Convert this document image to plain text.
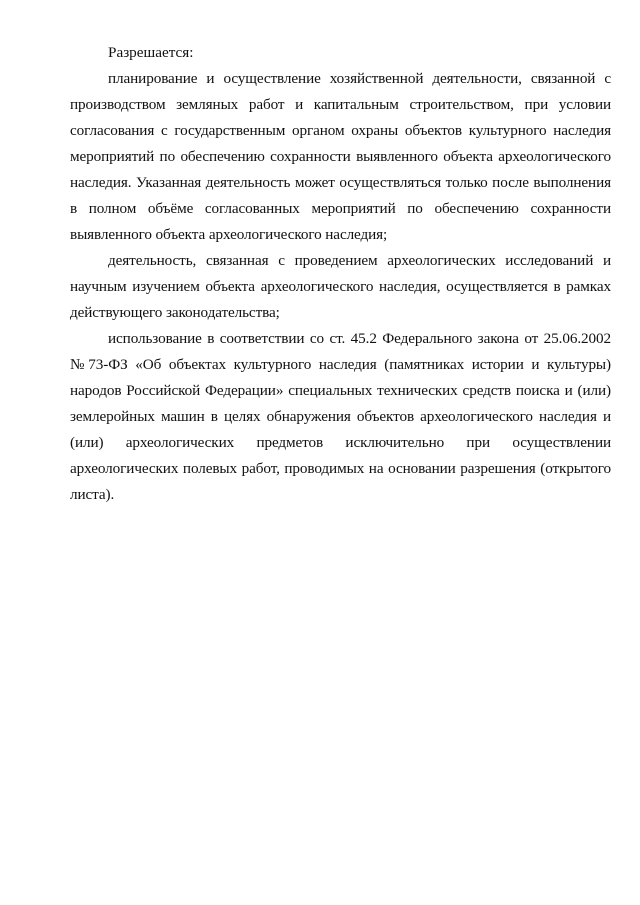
Разрешается:

планирование и осуществление хозяйственной деятельности, связанной с производством земляных работ и капитальным строительством, при условии согласования с государственным органом охраны объектов культурного наследия мероприятий по обеспечению сохранности выявленного объекта археологического наследия. Указанная деятельность может осуществляться только после выполнения в полном объёме согласованных мероприятий по обеспечению сохранности выявленного объекта археологического наследия;

деятельность, связанная с проведением археологических исследований и научным изучением объекта археологического наследия, осуществляется в рамках действующего законодательства;

использование в соответствии со ст. 45.2 Федерального закона от 25.06.2002 №73-ФЗ «Об объектах культурного наследия (памятниках истории и культуры) народов Российской Федерации» специальных технических средств поиска и (или) землеройных машин в целях обнаружения объектов археологического наследия и (или) археологических предметов исключительно при осуществлении археологических полевых работ, проводимых на основании разрешения (открытого листа).
